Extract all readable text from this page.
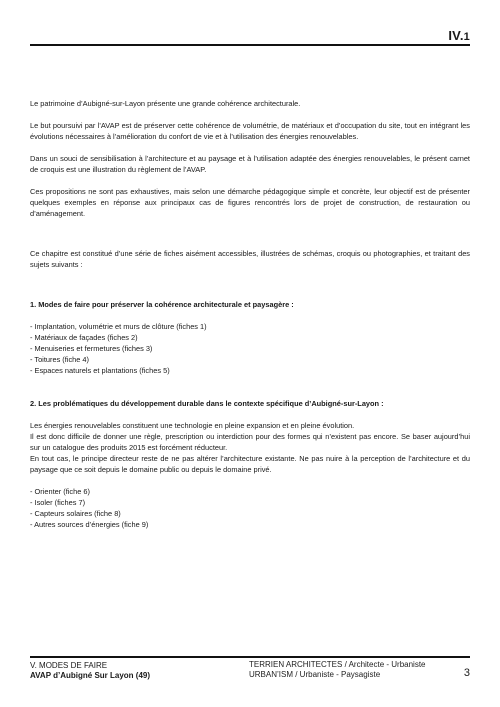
IV.1

Le patrimoine d’Aubigné-sur-Layon présente une grande cohérence architecturale.

Le but poursuivi par l’AVAP est de préserver cette cohérence de volumétrie, de matériaux et d’occupation du site, tout en intégrant les évolutions nécessaires à l’amélioration du confort de vie et à l’utilisation des énergies renouvelables.

Dans un souci de sensibilisation à l’architecture et au paysage et à l’utilisation adaptée des énergies renouvelables, le présent carnet de croquis est une illustration du règlement de l’AVAP.

Ces propositions ne sont pas exhaustives, mais selon une démarche pédagogique simple et concrète, leur objectif est de présenter quelques exemples en réponse aux principaux cas de figures rencontrés lors de projet de construction, de restauration ou d’aménagement.

Ce chapitre est constitué d’une série de fiches aisément accessibles, illustrées de schémas, croquis ou photographies, et traitant des sujets suivants :

1. Modes de faire pour préserver la cohérence architecturale et paysagère :

- Implantation, volumétrie et murs de clôture (fiches 1)
- Matériaux de façades (fiches 2)
- Menuiseries et fermetures (fiches 3)
- Toitures (fiche 4)
- Espaces naturels et plantations (fiches 5)

2. Les problématiques du développement durable dans le contexte spécifique d’Aubigné-sur-Layon :

Les énergies renouvelables constituent une technologie en pleine expansion et en pleine évolution.

Il est donc difficile de donner une règle, prescription ou interdiction pour des formes qui n’existent pas encore. Se baser aujourd’hui sur un catalogue des produits 2015 est forcément réducteur.

En tout cas, le principe directeur reste de ne pas altérer l’architecture existante. Ne pas nuire à la perception de l’architecture et du paysage que ce soit depuis le domaine public ou depuis le domaine privé.

- Orienter (fiche 6)
- Isoler (fiches 7)
- Capteurs solaires (fiche 8)
- Autres sources d’énergies (fiche 9)
V. MODES DE FAIRE
AVAP d’Aubigné Sur Layon (49)
TERRIEN ARCHITECTES / Architecte - Urbaniste
URBAN’ISM / Urbaniste - Paysagiste	3
